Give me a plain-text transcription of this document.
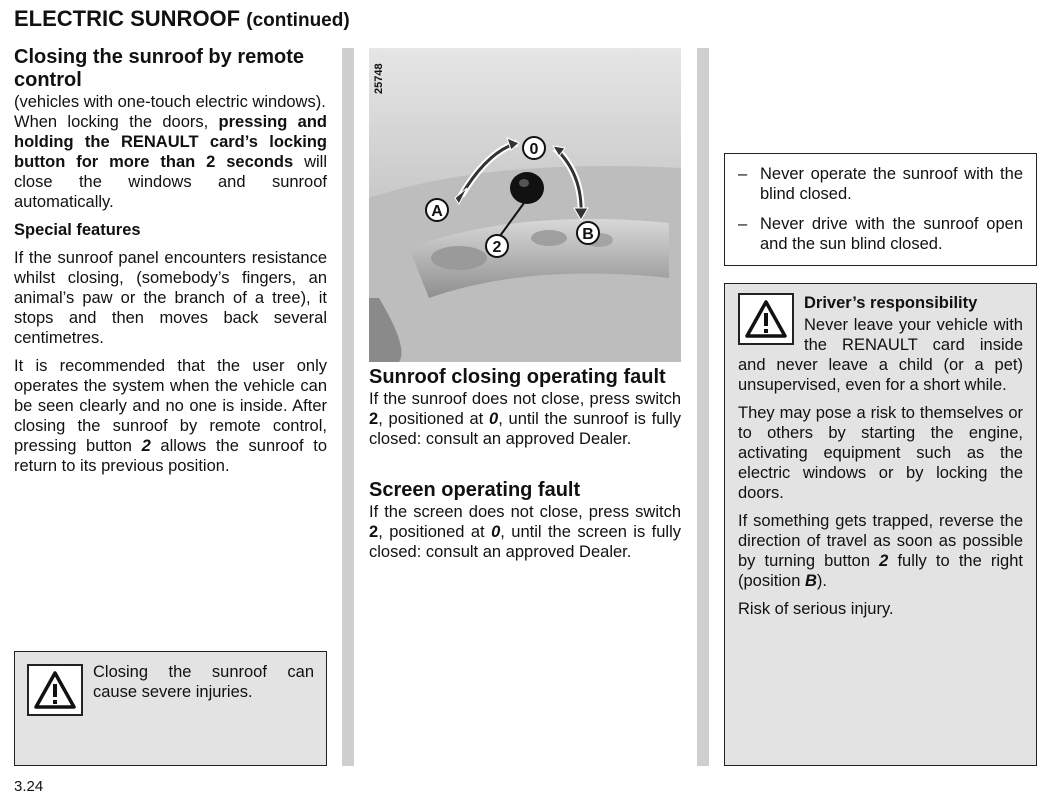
ELECTRIC SUNROOF (continued)
Closing the sunroof by remote control

(vehicles with one-touch electric windows).

When locking the doors, pressing and holding the RENAULT card’s locking button for more than 2 seconds will close the windows and sunroof automatically.

Special features

If the sunroof panel encounters resistance whilst closing, (somebody’s fingers, an animal’s paw or the branch of a tree), it stops and then moves back several centimetres.

It is recommended that the user only operates the system when the vehicle can be seen clearly and no one is inside. After closing the sunroof by remote control, pressing button 2 allows the sunroof to return to its previous position.

Closing the sunroof can cause severe injuries.
0
A
B
2
25748
Sunroof closing operating fault

If the sunroof does not close, press switch 2, positioned at 0, until the sunroof is fully closed: consult an approved Dealer.

Screen operating fault

If the screen does not close, press switch 2, positioned at 0, until the screen is fully closed: consult an approved Dealer.

– Never operate the sunroof with the blind closed.
– Never drive with the sunroof open and the sun blind closed.

Driver’s responsibility

Never leave your vehicle with the RENAULT card inside and never leave a child (or a pet) unsupervised, even for a short while.

They may pose a risk to themselves or to others by starting the engine, activating equipment such as the electric windows or by locking the doors.

If something gets trapped, reverse the direction of travel as soon as possible by turning button 2 fully to the right (position B).

Risk of serious injury.

3.24
